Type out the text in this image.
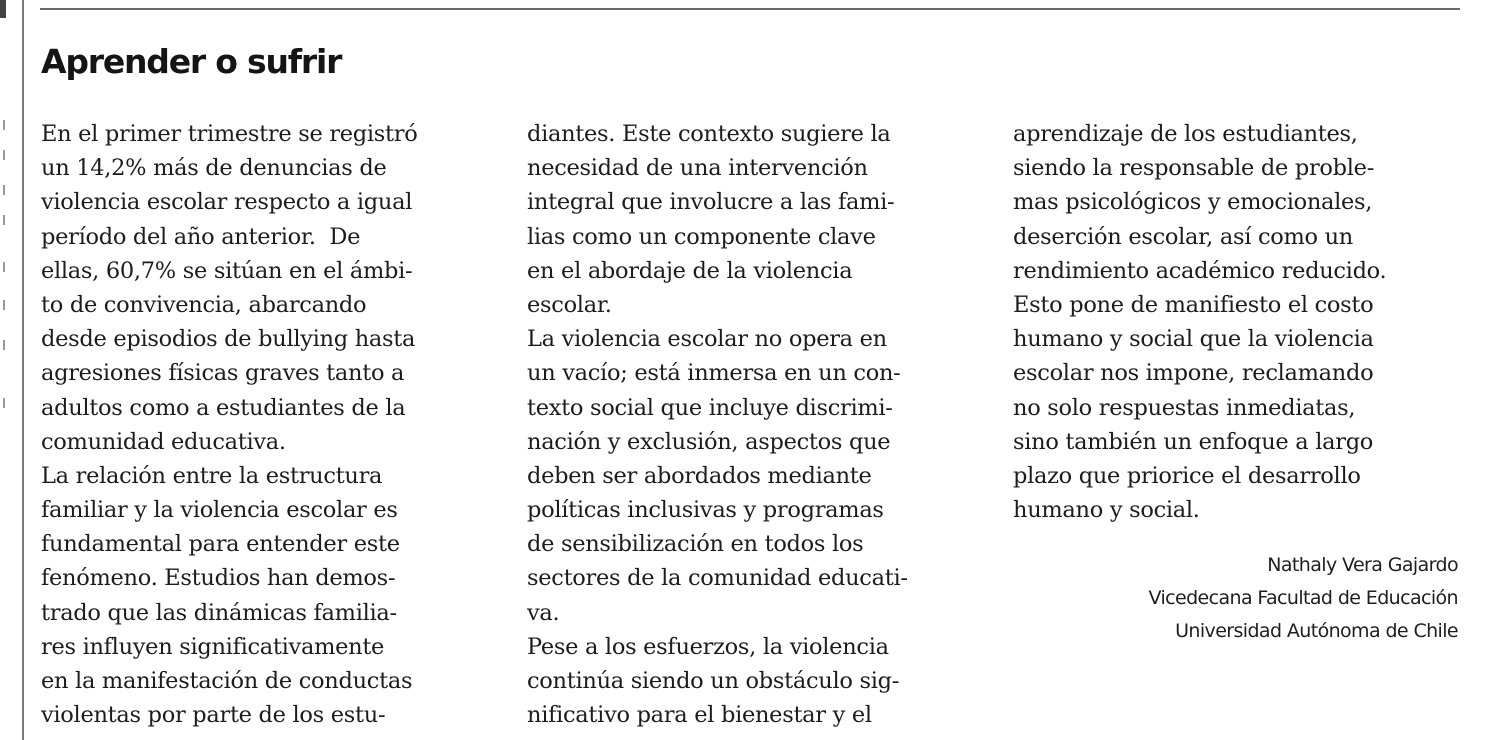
Aprender o sufrir
En el primer trimestre se registró
un 14,2% más de denuncias de
violencia escolar respecto a igual
período del año anterior.  De
ellas, 60,7% se sitúan en el ámbi-
to de convivencia, abarcando
desde episodios de bullying hasta
agresiones físicas graves tanto a
adultos como a estudiantes de la
comunidad educativa.
La relación entre la estructura
familiar y la violencia escolar es
fundamental para entender este
fenómeno. Estudios han demos-
trado que las dinámicas familia-
res influyen significativamente
en la manifestación de conductas
violentas por parte de los estu-
diantes. Este contexto sugiere la
necesidad de una intervención
integral que involucre a las fami-
lias como un componente clave
en el abordaje de la violencia
escolar.
La violencia escolar no opera en
un vacío; está inmersa en un con-
texto social que incluye discrimi-
nación y exclusión, aspectos que
deben ser abordados mediante
políticas inclusivas y programas
de sensibilización en todos los
sectores de la comunidad educati-
va.
Pese a los esfuerzos, la violencia
continúa siendo un obstáculo sig-
nificativo para el bienestar y el
aprendizaje de los estudiantes,
siendo la responsable de proble-
mas psicológicos y emocionales,
deserción escolar, así como un
rendimiento académico reducido.
Esto pone de manifiesto el costo
humano y social que la violencia
escolar nos impone, reclamando
no solo respuestas inmediatas,
sino también un enfoque a largo
plazo que priorice el desarrollo
humano y social.
Nathaly Vera Gajardo
Vicedecana Facultad de Educación
Universidad Autónoma de Chile
